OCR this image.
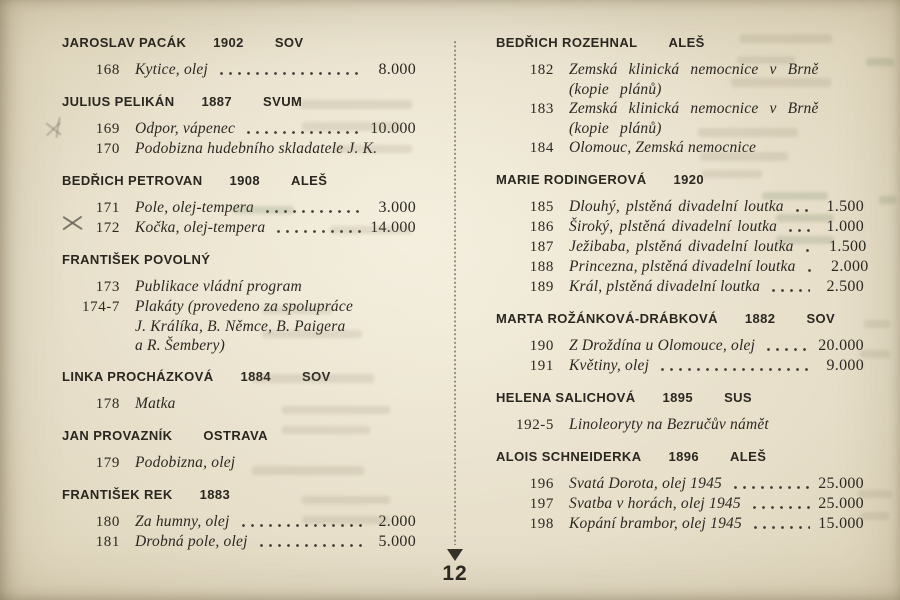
JAROSLAV PACÁK 1902 SOV
168 Kytice, olej	8.000
JULIUS PELIKÁN 1887 SVUM
169 Odpor, vápenec	10.000
170 Podobizna hudebního skladatele J. K.
BEDŘICH PETROVAN 1908 ALEŠ
171 Pole, olej-tempera	3.000
172 Kočka, olej-tempera	14.000
FRANTIŠEK POVOLNÝ
173 Publikace vládní program
174-7 Plakáty (provedeno za spolupráce
J. Králíka, B. Němce, B. Paigera
a R. Šembery)
LINKA PROCHÁZKOVÁ 1884 SOV
178 Matka
JAN PROVAZNÍK OSTRAVA
179 Podobizna, olej
FRANTIŠEK REK 1883
180 Za humny, olej	2.000
181 Drobná pole, olej	5.000
BEDŘICH ROZEHNAL ALEŠ
182 Zemská klinická nemocnice v Brně
(kopie plánů)
183 Zemská klinická nemocnice v Brně
(kopie plánů)
184 Olomouc, Zemská nemocnice
MARIE RODINGEROVÁ 1920
185 Dlouhý, plstěná divadelní loutka	1.500
186 Široký, plstěná divadelní loutka	1.000
187 Ježibaba, plstěná divadelní loutka	1.500
188 Princezna, plstěná divadelní loutka	2.000
189 Král, plstěná divadelní loutka	2.500
MARTA ROŽÁNKOVÁ-DRÁBKOVÁ 1882 SOV
190 Z Droždína u Olomouce, olej	20.000
191 Květiny, olej	9.000
HELENA SALICHOVÁ 1895 SUS
192-5 Linoleoryty na Bezručův námět
ALOIS SCHNEIDERKA 1896 ALEŠ
196 Svatá Dorota, olej 1945	25.000
197 Svatba v horách, olej 1945	25.000
198 Kopání brambor, olej 1945	15.000
12
